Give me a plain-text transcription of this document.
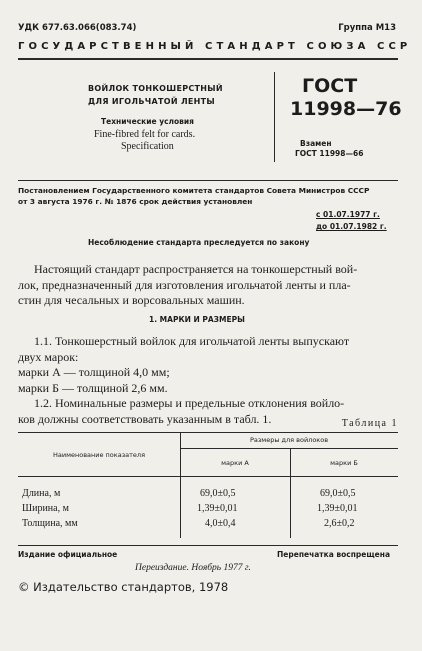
УДК 677.63.066(083.74)	Группа М13
ГОСУДАРСТВЕННЫЙ СТАНДАРТ СОЮЗА ССР
ВОЙЛОК ТОНКОШЕРСТНЫЙ
ДЛЯ ИГОЛЬЧАТОЙ ЛЕНТЫ
Технические условия
Fine-fibred felt for cards.
Specification
ГОСТ
11998—76
Взамен
ГОСТ 11998—66
Постановлением Государственного комитета стандартов Совета Министров СССР
от 3 августа 1976 г. № 1876 срок действия установлен
с 01.07.1977 г.
до 01.07.1982 г.
Несоблюдение стандарта преследуется по закону
Настоящий стандарт распространяется на тонкошерстный вой-
лок, предназначенный для изготовления игольчатой ленты и пла-
стин для чесальных и ворсовальных машин.
1. МАРКИ И РАЗМЕРЫ
1.1. Тонкошерстный войлок для игольчатой ленты выпускают
двух марок:
марки А — толщиной 4,0 мм;
марки Б — толщиной 2,6 мм.
1.2. Номинальные размеры и предельные отклонения войло-
ков должны соответствовать указанным в табл. 1.	Таблица 1
Наименование показателя
Размеры для войлоков
марки А	марки Б
Длина, м	69,0±0,5	69,0±0,5
Ширина, м	1,39±0,01	1,39±0,01
Толщина, мм	4,0±0,4	2,6±0,2
Издание официальное	Перепечатка воспрещена
Переиздание. Ноябрь 1977 г.
© Издательство стандартов, 1978
